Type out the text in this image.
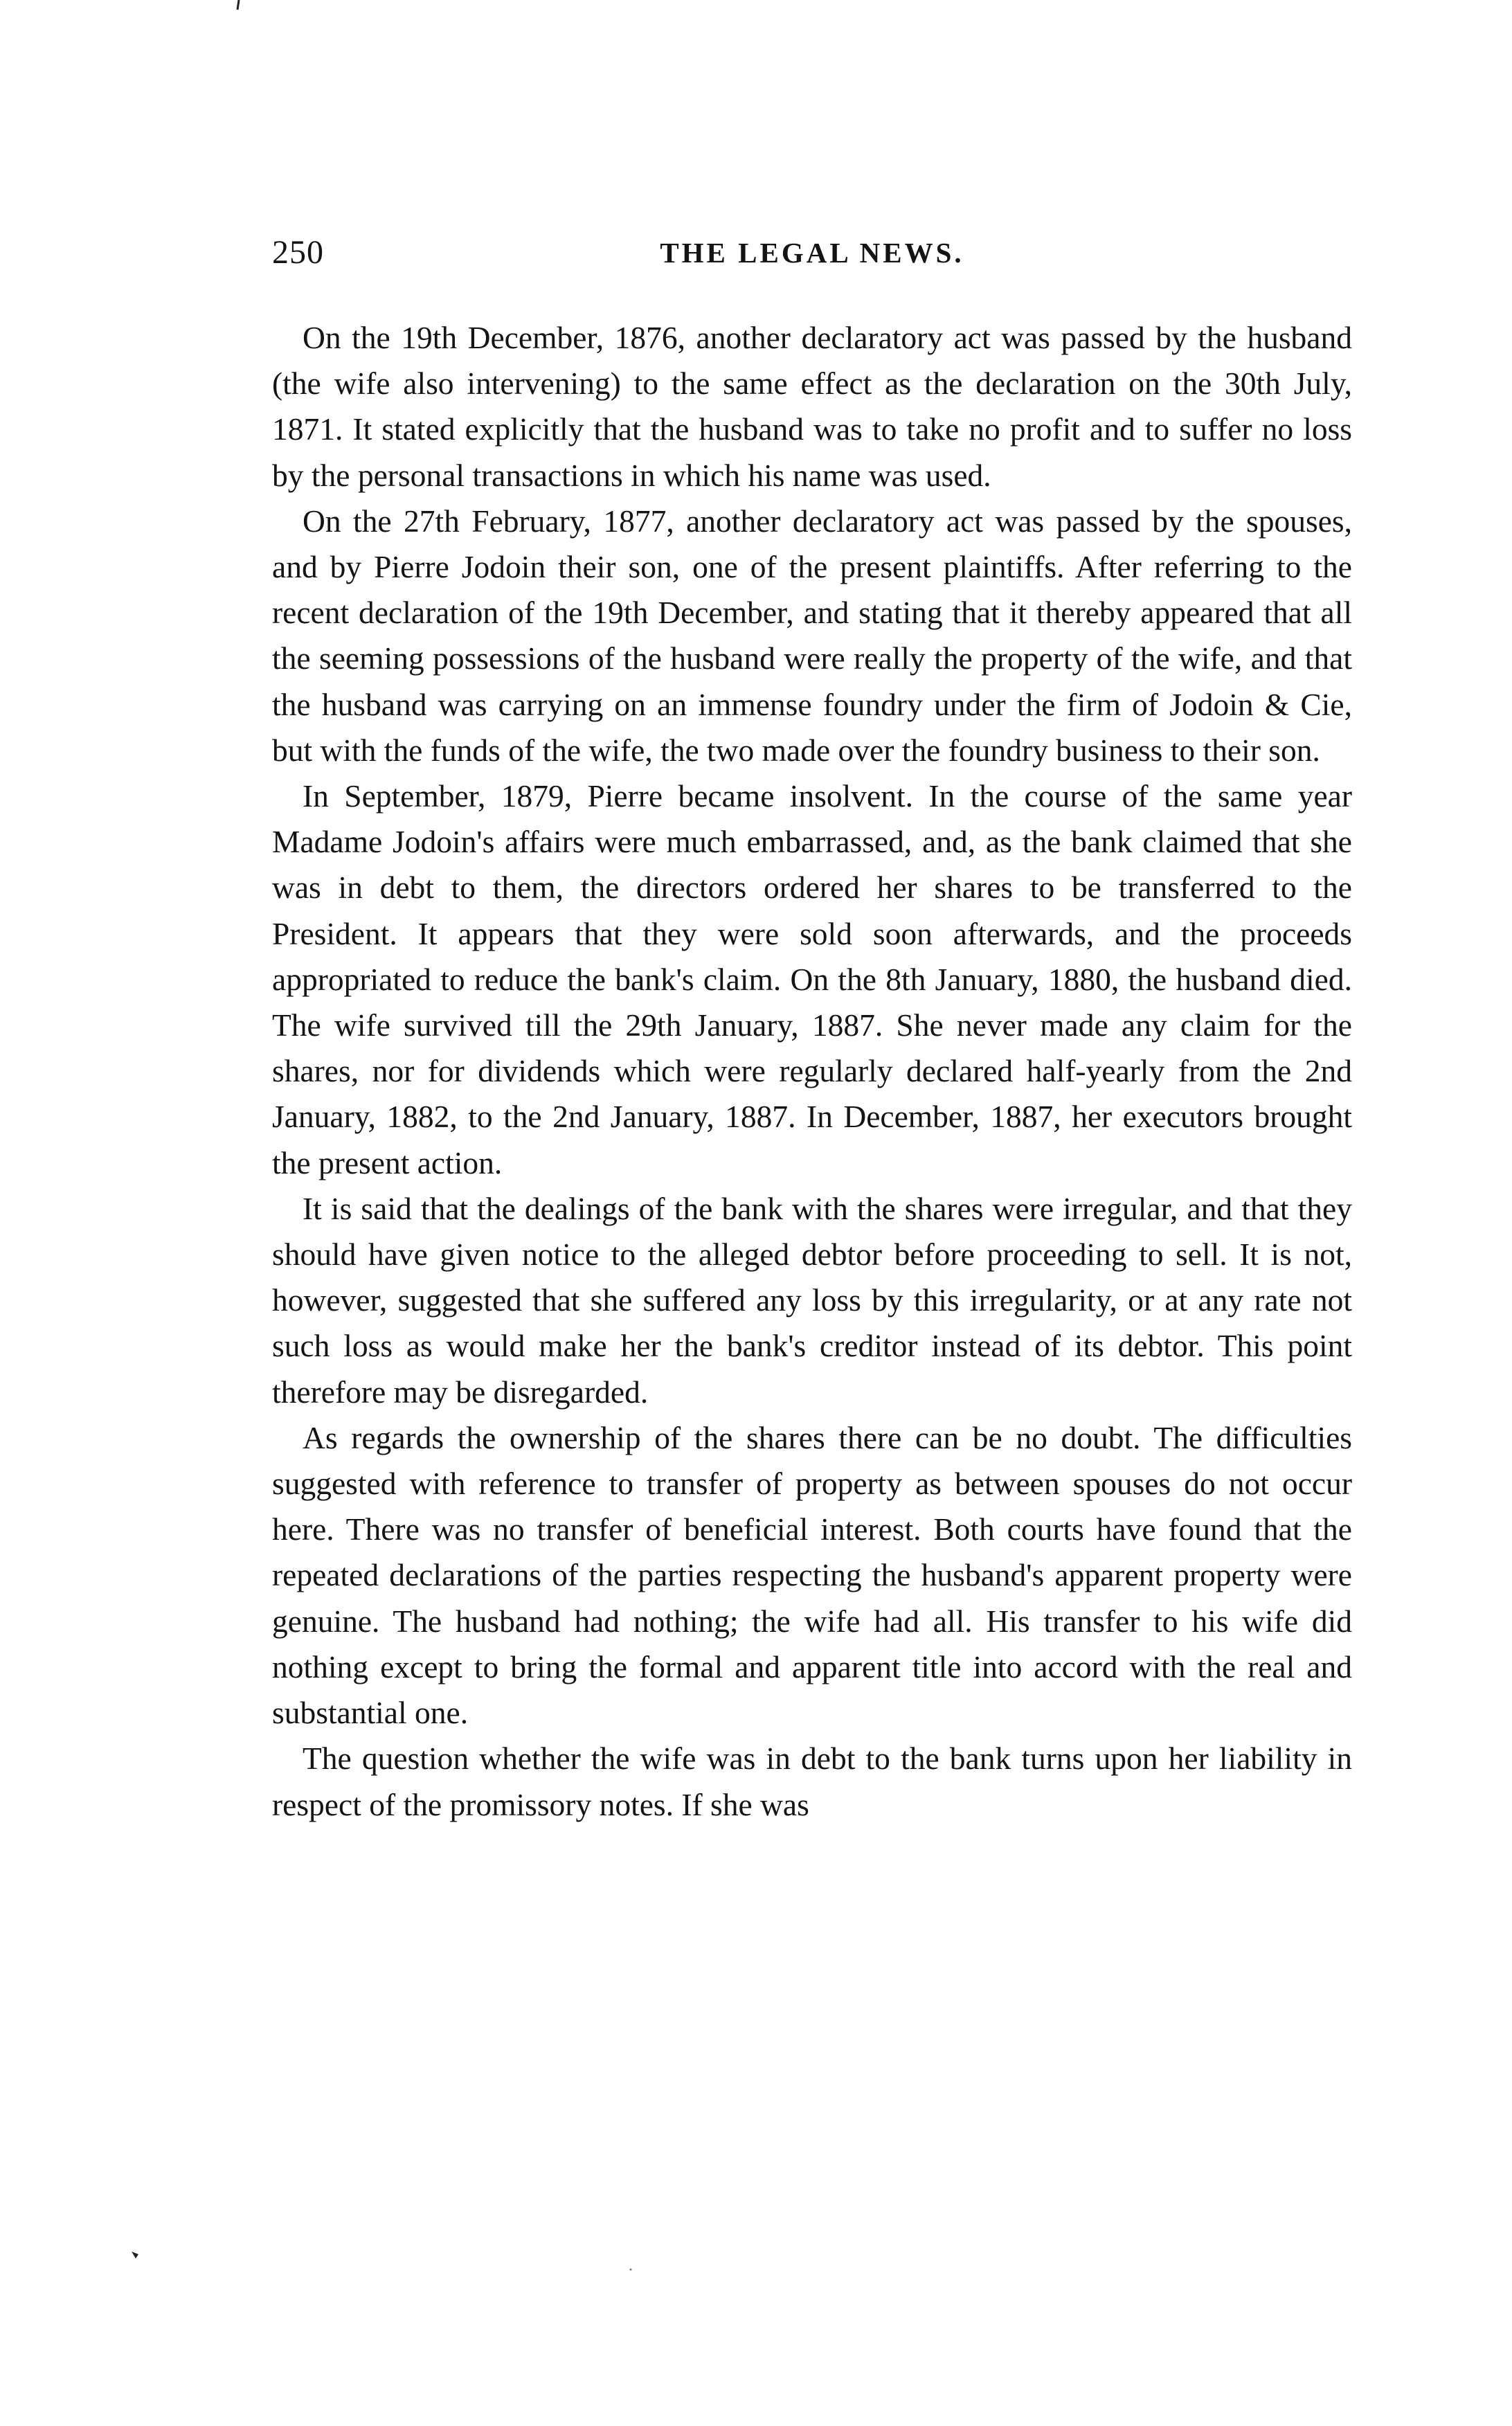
THE LEGAL NEWS.
250

On the 19th December, 1876, another declaratory act was passed by the husband (the wife also intervening) to the same effect as the declaration on the 30th July, 1871. It stated explicitly that the husband was to take no profit and to suffer no loss by the personal transactions in which his name was used.

On the 27th February, 1877, another declaratory act was passed by the spouses, and by Pierre Jodoin their son, one of the present plaintiffs. After referring to the recent declaration of the 19th December, and stating that it thereby appeared that all the seeming possessions of the husband were really the property of the wife, and that the husband was carrying on an immense foundry under the firm of Jodoin & Cie, but with the funds of the wife, the two made over the foundry business to their son.

In September, 1879, Pierre became insolvent. In the course of the same year Madame Jodoin's affairs were much embarrassed, and, as the bank claimed that she was in debt to them, the directors ordered her shares to be transferred to the President. It appears that they were sold soon afterwards, and the proceeds appropriated to reduce the bank's claim. On the 8th January, 1880, the husband died. The wife survived till the 29th January, 1887. She never made any claim for the shares, nor for dividends which were regularly declared half-yearly from the 2nd January, 1882, to the 2nd January, 1887. In December, 1887, her executors brought the present action.

It is said that the dealings of the bank with the shares were irregular, and that they should have given notice to the alleged debtor before proceeding to sell. It is not, however, suggested that she suffered any loss by this irregularity, or at any rate not such loss as would make her the bank's creditor instead of its debtor. This point therefore may be disregarded.

As regards the ownership of the shares there can be no doubt. The difficulties suggested with reference to transfer of property as between spouses do not occur here. There was no transfer of beneficial interest. Both courts have found that the repeated declarations of the parties respecting the husband's apparent property were genuine. The husband had nothing; the wife had all. His transfer to his wife did nothing except to bring the formal and apparent title into accord with the real and substantial one.

The question whether the wife was in debt to the bank turns upon her liability in respect of the promissory notes. If she was
